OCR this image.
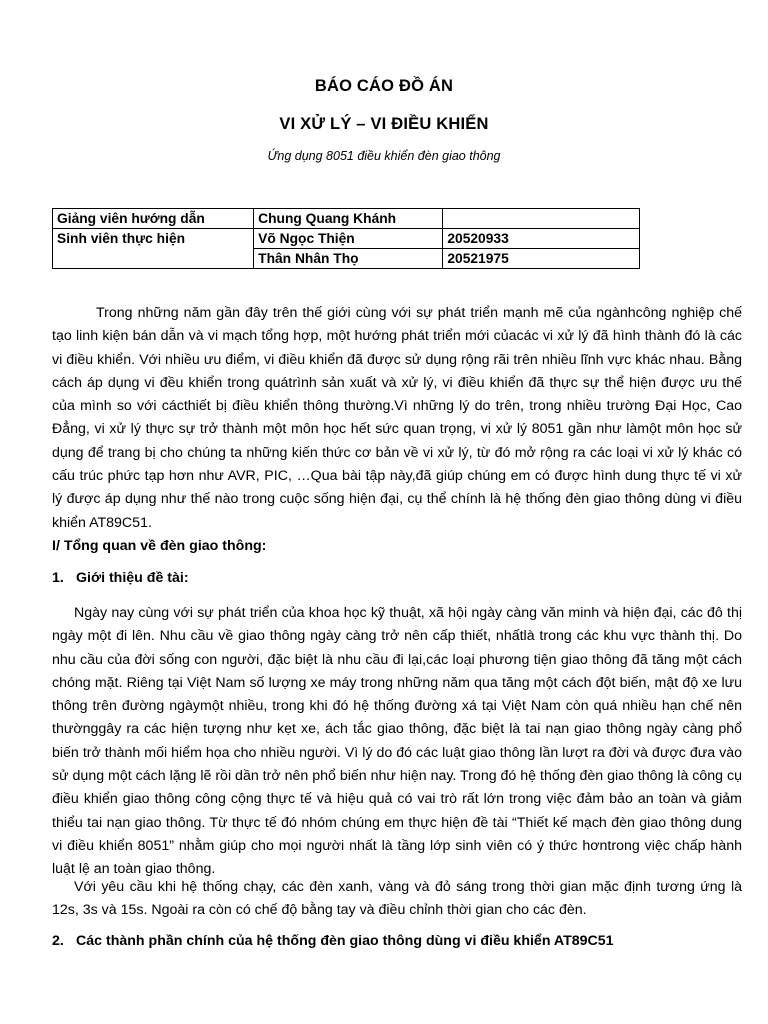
BÁO CÁO ĐỒ ÁN
VI XỬ LÝ – VI ĐIỀU KHIỂN
Ứng dụng 8051 điều khiển đèn giao thông
Giảng viên hướng dẫn	Chung Quang Khánh	
Sinh viên thực hiện	Võ Ngọc Thiện	20520933
	Thân Nhân Thọ	20521975
Trong những năm gần đây trên thế giới cùng với sự phát triển mạnh mẽ của ngànhcông nghiệp chế tạo linh kiện bán dẫn và vi mạch tổng hợp, một hướng phát triển mới củacác vi xử lý đã hình thành đó là các vi điều khiển. Với nhiều ưu điểm, vi điều khiển đã được sử dụng rộng rãi trên nhiều lĩnh vực khác nhau. Bằng cách áp dụng vi đều khiển trong quátrình sản xuất và xử lý, vi điều khiển đã thực sự thể hiện được ưu thế của mình so với cácthiết bị điều khiển thông thường.Vì những lý do trên, trong nhiều trường Đại Học, Cao Đẳng, vi xử lý thực sự trở thành một môn học hết sức quan trọng, vi xử lý 8051 gần như làmột môn học sử dụng để trang bị cho chúng ta những kiến thức cơ bản về vi xử lý, từ đó mở rộng ra các loại vi xử lý khác có cấu trúc phức tạp hơn như AVR, PIC, …Qua bài tập này,đã giúp chúng em có được hình dung thực tế vi xử lý được áp dụng như thế nào trong cuộc sống hiện đại, cụ thể chính là hệ thống đèn giao thông dùng vi điều khiển AT89C51.
I/ Tổng quan về đèn giao thông:
1. Giới thiệu đề tài:
Ngày nay cùng với sự phát triển của khoa học kỹ thuật, xã hội ngày càng văn minh và hiện đại, các đô thị ngày một đi lên. Nhu cầu về giao thông ngày càng trở nên cấp thiết, nhấtlà trong các khu vực thành thị. Do nhu cầu của đời sống con người, đặc biệt là nhu cầu đi lại,các loại phương tiện giao thông đã tăng một cách chóng mặt. Riêng tại Việt Nam số lượng xe máy trong những năm qua tăng một cách đột biến, mật độ xe lưu thông trên đường ngàymột nhiều, trong khi đó hệ thống đường xá tại Việt Nam còn quá nhiều hạn chế nên thườnggây ra các hiện tượng như kẹt xe, ách tắc giao thông, đặc biệt là tai nạn giao thông ngày càng phổ biến trở thành mối hiểm họa cho nhiều người. Vì lý do đó các luật giao thông lần lượt ra đời và được đưa vào sử dụng một cách lặng lẽ rồi dần trở nên phổ biến như hiện nay. Trong đó hệ thống đèn giao thông là công cụ điều khiển giao thông công cộng thực tế và hiệu quả có vai trò rất lớn trong việc đảm bảo an toàn và giảm thiểu tai nạn giao thông. Từ thực tế đó nhóm chúng em thực hiện đề tài “Thiết kế mạch đèn giao thông dung vi điều khiển 8051” nhằm giúp cho mọi người nhất là tầng lớp sinh viên có ý thức hơntrong việc chấp hành luật lệ an toàn giao thông.
Với yêu cầu khi hệ thống chạy, các đèn xanh, vàng và đỏ sáng trong thời gian mặc định tương ứng là 12s, 3s và 15s. Ngoài ra còn có chế độ bằng tay và điều chỉnh thời gian cho các đèn.
2. Các thành phần chính của hệ thống đèn giao thông dùng vi điều khiển AT89C51
